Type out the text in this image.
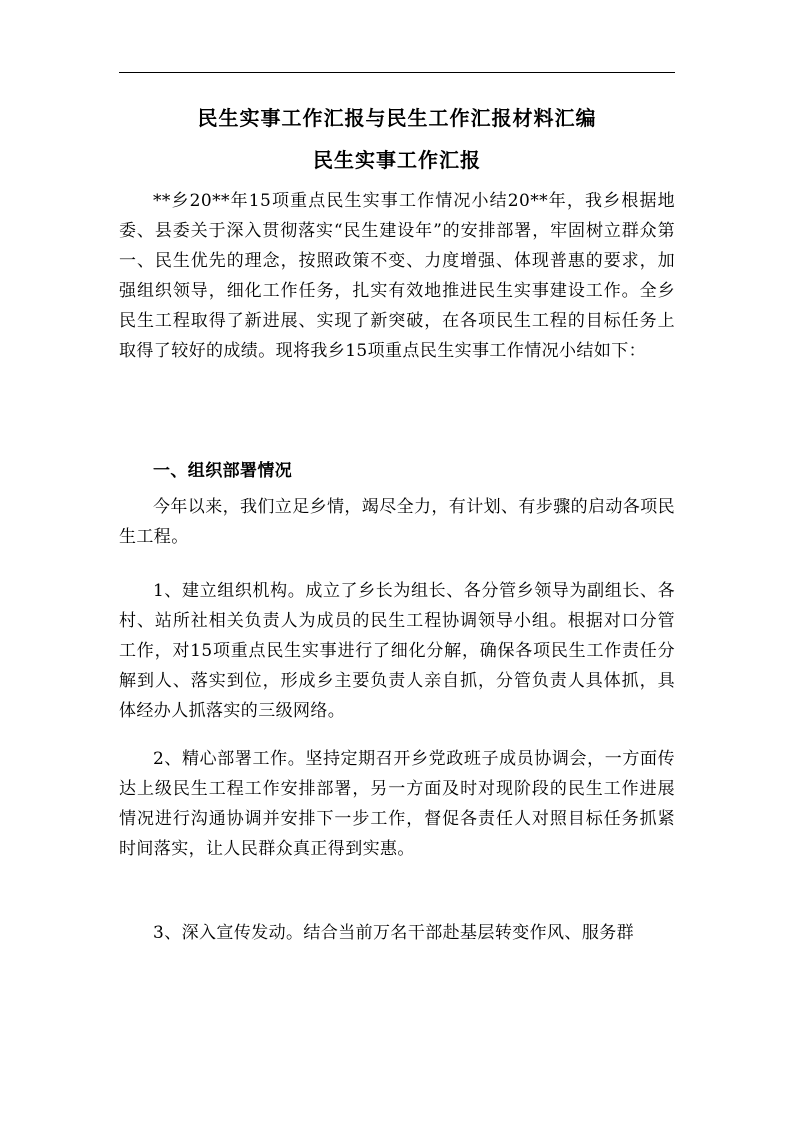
民生实事工作汇报与民生工作汇报材料汇编
民生实事工作汇报

**乡20**年15项重点民生实事工作情况小结20**年，我乡根据地委、县委关于深入贯彻落实“民生建设年”的安排部署，牢固树立群众第一、民生优先的理念，按照政策不变、力度增强、体现普惠的要求，加强组织领导，细化工作任务，扎实有效地推进民生实事建设工作。全乡民生工程取得了新进展、实现了新突破，在各项民生工程的目标任务上取得了较好的成绩。现将我乡15项重点民生实事工作情况小结如下：

一、组织部署情况

今年以来，我们立足乡情，竭尽全力，有计划、有步骤的启动各项民生工程。

1、建立组织机构。成立了乡长为组长、各分管乡领导为副组长、各村、站所社相关负责人为成员的民生工程协调领导小组。根据对口分管工作，对15项重点民生实事进行了细化分解，确保各项民生工作责任分解到人、落实到位，形成乡主要负责人亲自抓，分管负责人具体抓，具体经办人抓落实的三级网络。

2、精心部署工作。坚持定期召开乡党政班子成员协调会，一方面传达上级民生工程工作安排部署，另一方面及时对现阶段的民生工作进展情况进行沟通协调并安排下一步工作，督促各责任人对照目标任务抓紧时间落实，让人民群众真正得到实惠。

3、深入宣传发动。结合当前万名干部赴基层转变作风、服务群
